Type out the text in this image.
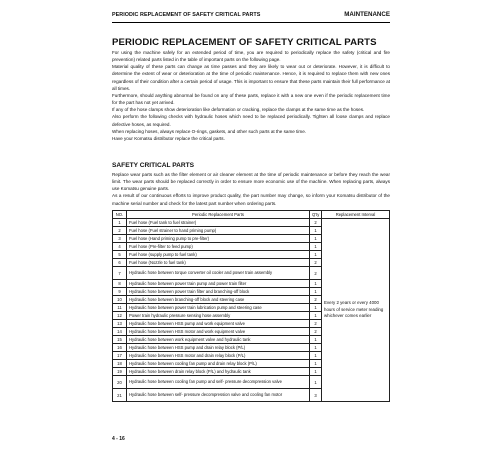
PERIODIC REPLACEMENT OF SAFETY CRITICAL PARTS	MAINTENANCE
PERIODIC REPLACEMENT OF SAFETY CRITICAL PARTS
For using the machine safely for an extended period of time, you are required to periodically replace the safety (critical and fire prevention) related parts listed in the table of important parts on the following page.
Material quality of these parts can change as time passes and they are likely to wear out or deteriorate. However, it is difficult to determine the extent of wear or deterioration at the time of periodic maintenance. Hence, it is required to replace them with new ones regardless of their condition after a certain period of usage. This is important to ensure that these parts maintain their full performance at all times.
Furthermore, should anything abnormal be found on any of these parts, replace it with a new one even if the periodic replacement time for the part has not yet arrived.
If any of the hose clamps show deterioration like deformation or cracking, replace the clamps at the same time as the hoses.
Also perform the following checks with hydraulic hoses which need to be replaced periodically. Tighten all loose clamps and replace defective hoses, as required.
When replacing hoses, always replace O-rings, gaskets, and other such parts at the same time.
Have your Komatsu distributor replace the critical parts.
SAFETY CRITICAL PARTS
Replace wear parts such as the filter element or air cleaner element at the time of periodic maintenance or before they reach the wear limit. The wear parts should be replaced correctly in order to ensure more economic use of the machine. When replacing parts, always use Komatsu genuine parts.
As a result of our continuous efforts to improve product quality, the part number may change, so inform your Komatsu distributor of the machine serial number and check for the latest part number when ordering parts.
NO.	Periodic Replacement Parts	Q'ty	Replacement Interval
1	Fuel hose (Fuel tank to fuel strainer)	2	Every 2 years or every 4000 hours of service meter reading whichever comes earlier
2	Fuel hose (Fuel strainer to hand priming pump)	1	
3	Fuel hose (Hand priming pump to pre-filter)	1	
4	Fuel hose (Pre-filter to feed pump)	1	
5	Fuel hose (supply pump to fuel tank)	1	
6	Fuel hose (Nozzle to fuel tank)	2	
7	Hydraulic hose between torque converter oil cooler and power train assembly	2	
8	Hydraulic hose between power train pump and power train filter	1	
9	Hydraulic hose between power train filter and branching-off block	1	
10	Hydraulic hose between branching-off block and steering case	2	
11	Hydraulic hose between power train lubrication pump and steering case	1	
12	Power train hydraulic pressure sensing hose assembly	1	
13	Hydraulic hose between HSS pump and work equipment valve	2	
14	Hydraulic hose between HSS motor and work equipment valve	2	
15	Hydraulic hose between work equipment valve and hydraulic tank	1	
16	Hydraulic hose between HSS pump and drain relay block (P/L)	1	
17	Hydraulic hose between HSS motor and drain relay block (P/L)	1	
18	Hydraulic hose between cooling fan pump and drain relay block (P/L)	1	
19	Hydraulic hose between drain relay block (P/L) and hydraulic tank	1	
20	Hydraulic hose between cooling fan pump and self- pressure decompression valve	1	
21	Hydraulic hose between self- pressure decompression valve and cooling fan motor	3	
4 - 16
